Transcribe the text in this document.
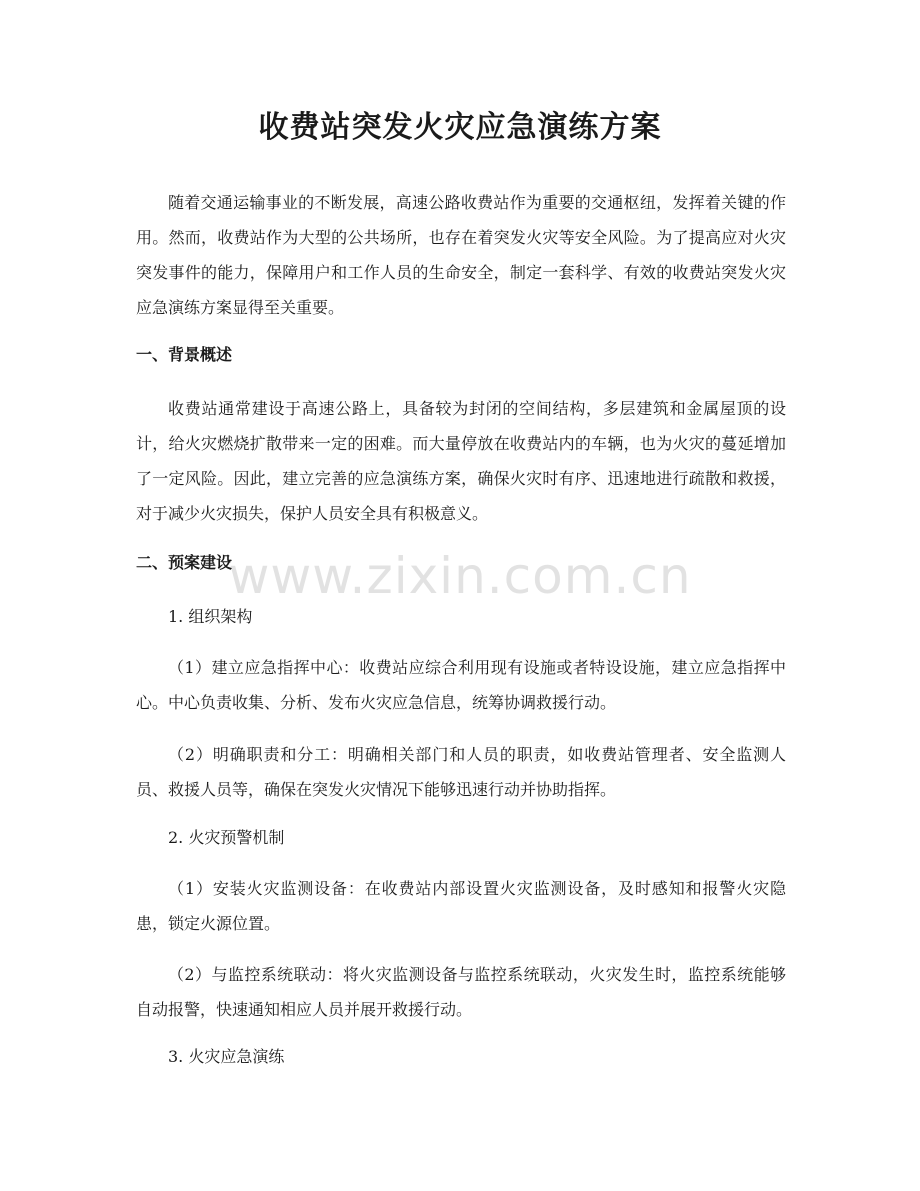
收费站突发火灾应急演练方案

随着交通运输事业的不断发展，高速公路收费站作为重要的交通枢纽，发挥着关键的作用。然而，收费站作为大型的公共场所，也存在着突发火灾等安全风险。为了提高应对火灾突发事件的能力，保障用户和工作人员的生命安全，制定一套科学、有效的收费站突发火灾应急演练方案显得至关重要。

一、背景概述

收费站通常建设于高速公路上，具备较为封闭的空间结构，多层建筑和金属屋顶的设计，给火灾燃烧扩散带来一定的困难。而大量停放在收费站内的车辆，也为火灾的蔓延增加了一定风险。因此，建立完善的应急演练方案，确保火灾时有序、迅速地进行疏散和救援，对于减少火灾损失，保护人员安全具有积极意义。

二、预案建设

1. 组织架构

（1）建立应急指挥中心：收费站应综合利用现有设施或者特设设施，建立应急指挥中心。中心负责收集、分析、发布火灾应急信息，统筹协调救援行动。

（2）明确职责和分工：明确相关部门和人员的职责，如收费站管理者、安全监测人员、救援人员等，确保在突发火灾情况下能够迅速行动并协助指挥。

2. 火灾预警机制

（1）安装火灾监测设备：在收费站内部设置火灾监测设备，及时感知和报警火灾隐患，锁定火源位置。

（2）与监控系统联动：将火灾监测设备与监控系统联动，火灾发生时，监控系统能够自动报警，快速通知相应人员并展开救援行动。

3. 火灾应急演练

www.zixin.com.cn
